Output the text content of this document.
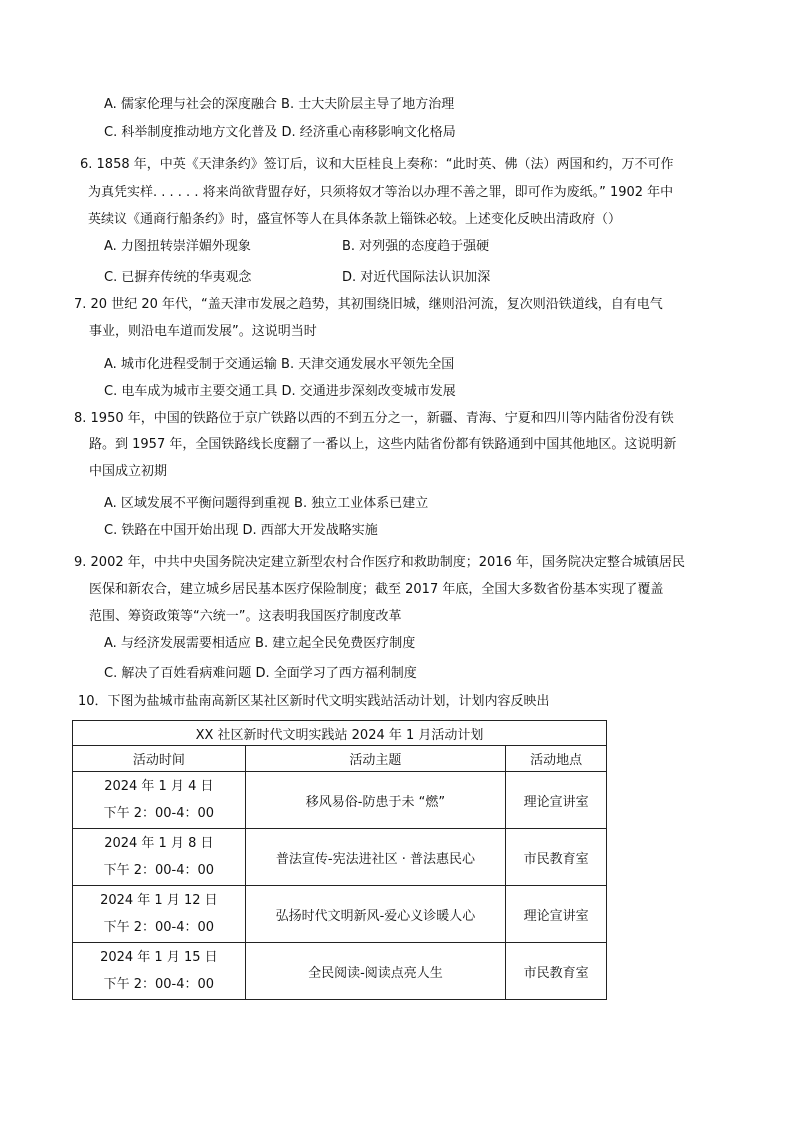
A. 儒家伦理与社会的深度融合 B. 士大夫阶层主导了地方治理
C. 科举制度推动地方文化普及 D. 经济重心南移影响文化格局
6. 1858 年，中英《天津条约》签订后，议和大臣桂良上奏称：“此时英、佛（法）两国和约，万不可作
为真凭实样. . . . . . 将来尚欲背盟存好，只须将奴才等治以办理不善之罪，即可作为废纸。” 1902 年中
英续议《通商行船条约》时，盛宣怀等人在具体条款上锱铢必较。上述变化反映出清政府（）
A. 力图扭转崇洋媚外现象	B. 对列强的态度趋于强硬
C. 已摒弃传统的华夷观念	D. 对近代国际法认识加深
7. 20 世纪 20 年代，“盖天津市发展之趋势，其初围绕旧城，继则沿河流，复次则沿铁道线，自有电气
事业，则沿电车道而发展”。这说明当时
A. 城市化进程受制于交通运输 B. 天津交通发展水平领先全国
C. 电车成为城市主要交通工具 D. 交通进步深刻改变城市发展
8. 1950 年，中国的铁路位于京广铁路以西的不到五分之一，新疆、青海、宁夏和四川等内陆省份没有铁
路。到 1957 年，全国铁路线长度翻了一番以上，这些内陆省份都有铁路通到中国其他地区。这说明新
中国成立初期
A. 区域发展不平衡问题得到重视 B. 独立工业体系已建立
C. 铁路在中国开始出现 D. 西部大开发战略实施
9. 2002 年，中共中央国务院决定建立新型农村合作医疗和救助制度；2016 年，国务院决定整合城镇居民
医保和新农合，建立城乡居民基本医疗保险制度；截至 2017 年底，全国大多数省份基本实现了覆盖
范围、筹资政策等“六统一”。这表明我国医疗制度改革
A. 与经济发展需要相适应 B. 建立起全民免费医疗制度
C. 解决了百姓看病难问题 D. 全面学习了西方福利制度
10．下图为盐城市盐南高新区某社区新时代文明实践站活动计划，计划内容反映出
XX 社区新时代文明实践站 2024 年 1 月活动计划		
活动时间	活动主题	活动地点

2024 年 1 月 4 日
下午 2：00-4：00	移风易俗-防患于未 “燃”	理论宣讲室

2024 年 1 月 8 日
下午 2：00-4：00	普法宣传-宪法进社区 · 普法惠民心	市民教育室

2024 年 1 月 12 日
下午 2：00-4：00	弘扬时代文明新风-爱心义诊暖人心	理论宣讲室

2024 年 1 月 15 日
下午 2：00-4：00	全民阅读-阅读点亮人生	市民教育室
